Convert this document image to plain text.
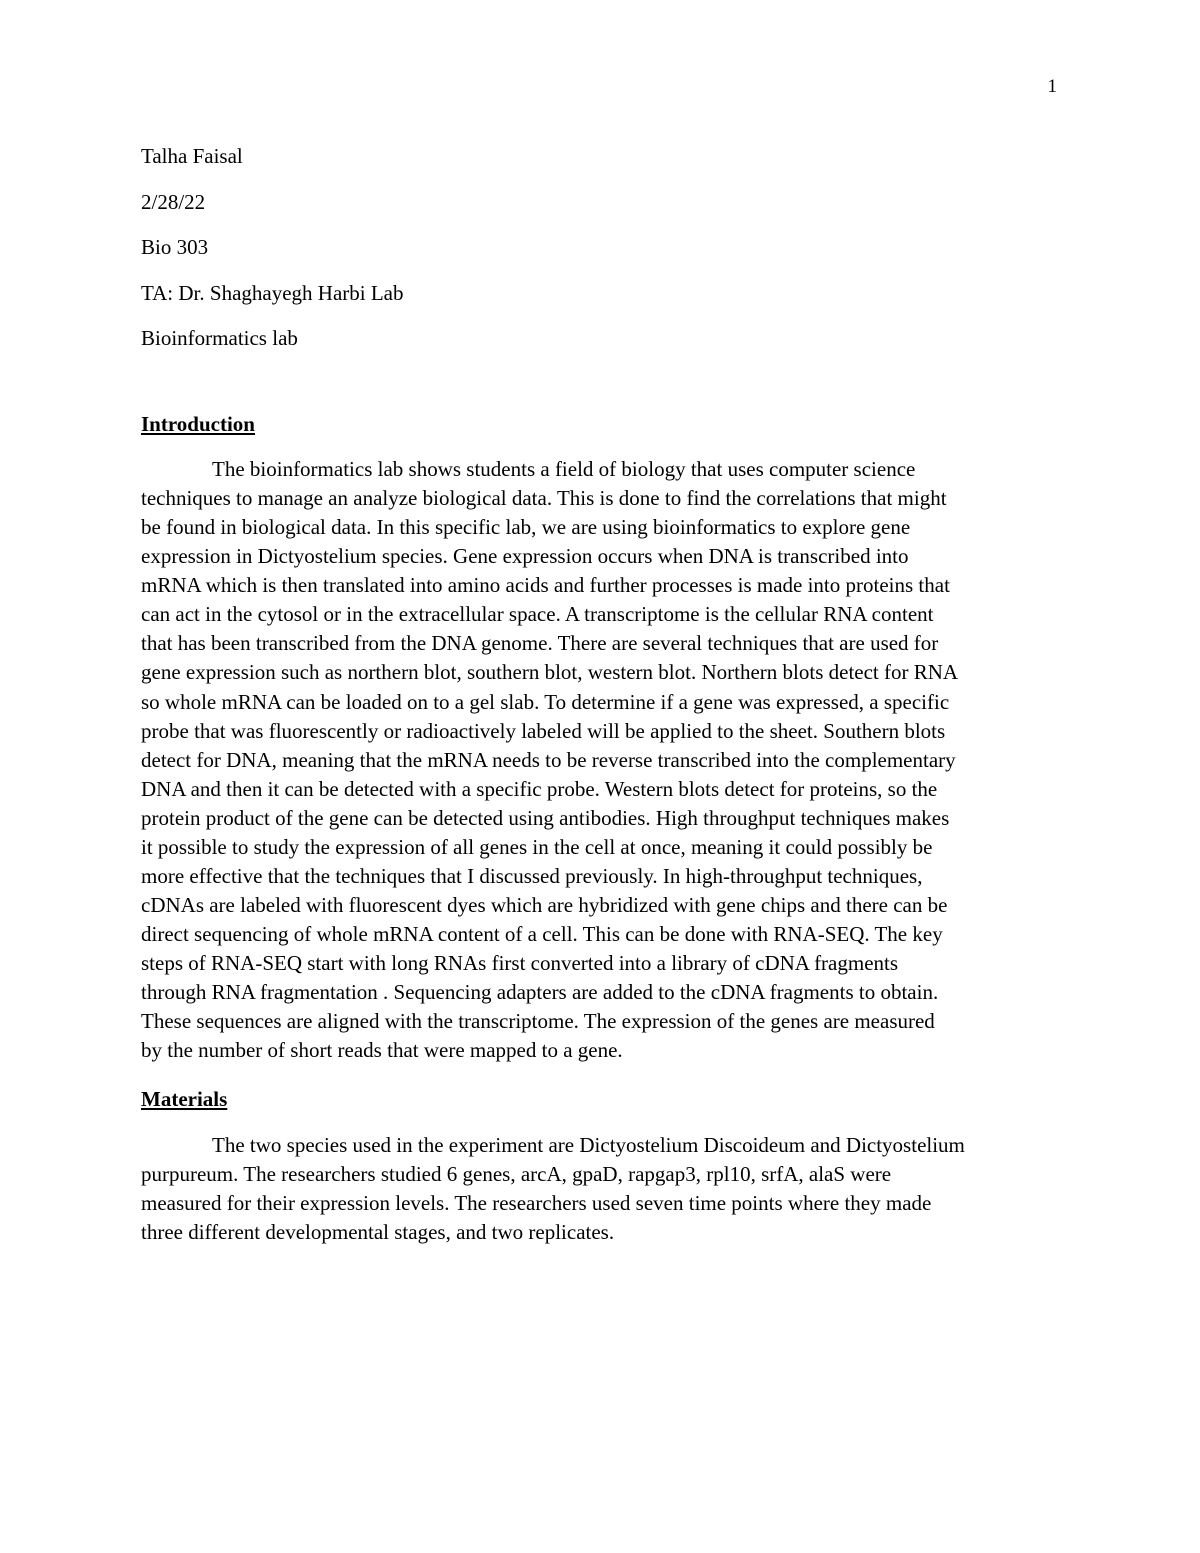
1
Talha Faisal
2/28/22
Bio 303
TA: Dr. Shaghayegh Harbi Lab
Bioinformatics lab
Introduction
The bioinformatics lab shows students a field of biology that uses computer science
techniques to manage an analyze biological data. This is done to find the correlations that might
be found in biological data. In this specific lab, we are using bioinformatics to explore gene
expression in Dictyostelium species. Gene expression occurs when DNA is transcribed into
mRNA which is then translated into amino acids and further processes is made into proteins that
can act in the cytosol or in the extracellular space. A transcriptome is the cellular RNA content
that has been transcribed from the DNA genome. There are several techniques that are used for
gene expression such as northern blot, southern blot, western blot. Northern blots detect for RNA
so whole mRNA can be loaded on to a gel slab. To determine if a gene was expressed, a specific
probe that was fluorescently or radioactively labeled will be applied to the sheet. Southern blots
detect for DNA, meaning that the mRNA needs to be reverse transcribed into the complementary
DNA and then it can be detected with a specific probe. Western blots detect for proteins, so the
protein product of the gene can be detected using antibodies. High throughput techniques makes
it possible to study the expression of all genes in the cell at once, meaning it could possibly be
more effective that the techniques that I discussed previously. In high-throughput techniques,
cDNAs are labeled with fluorescent dyes which are hybridized with gene chips and there can be
direct sequencing of whole mRNA content of a cell. This can be done with RNA-SEQ. The key
steps of RNA-SEQ start with long RNAs first converted into a library of cDNA fragments
through RNA fragmentation . Sequencing adapters are added to the cDNA fragments to obtain.
These sequences are aligned with the transcriptome. The expression of the genes are measured
by the number of short reads that were mapped to a gene.
Materials
The two species used in the experiment are Dictyostelium Discoideum and Dictyostelium
purpureum. The researchers studied 6 genes, arcA, gpaD, rapgap3, rpl10, srfA, alaS were
measured for their expression levels. The researchers used seven time points where they made
three different developmental stages, and two replicates.
